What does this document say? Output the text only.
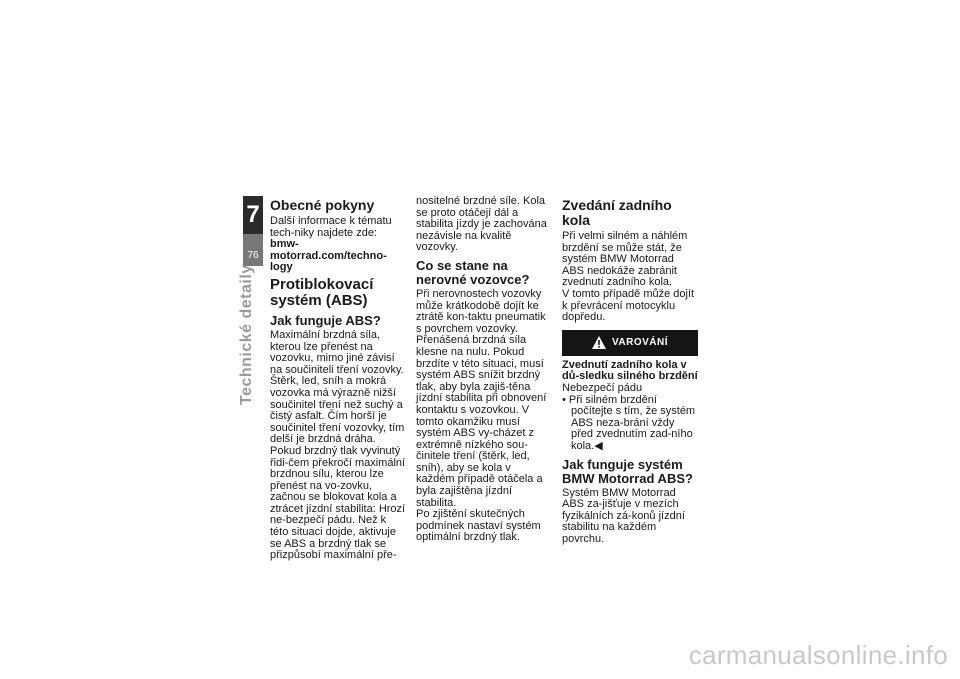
7
76
Technické detaily
Obecné pokyny

Další informace k tématu tech-niky najdete zde:

bmw-motorrad.com/techno-logy

Protiblokovací systém (ABS)
Jak funguje ABS?

Maximální brzdná síla, kterou lze přenést na vozovku, mimo jiné závisí na součiniteli tření vozovky. Štěrk, led, sníh a mokrá vozovka má výrazně nižší součinitel tření než suchý a čistý asfalt. Čím horší je součinitel tření vozovky, tím delší je brzdná dráha.

Pokud brzdný tlak vyvinutý řidi-čem překročí maximální brzdnou sílu, kterou lze přenést na vo-zovku, začnou se blokovat kola a ztrácet jízdní stabilita: Hrozí ne-bezpečí pádu. Než k této situaci dojde, aktivuje se ABS a brzdný tlak se přizpůsobí maximální pře-

nositelné brzdné síle. Kola se proto otáčejí dál a stabilita jízdy je zachována nezávisle na kvalitě vozovky.

Co se stane na nerovné vozovce?

Při nerovnostech vozovky může krátkodobě dojít ke ztrátě kon-taktu pneumatik s povrchem vozovky. Přenášená brzdná síla klesne na nulu. Pokud brzdíte v této situaci, musí systém ABS snížit brzdný tlak, aby byla zajiš-těna jízdní stabilita při obnovení kontaktu s vozovkou. V tomto okamžiku musí systém ABS vy-cházet z extrémně nízkého sou-činitele tření (štěrk, led, sníh), aby se kola v každém případě otáčela a byla zajištěna jízdní stabilita.

Po zjištění skutečných podmínek nastaví systém optimální brzdný tlak.

Zvedání zadního kola

Při velmi silném a náhlém brzdění se může stát, že systém BMW Motorrad ABS nedokáže zabránit zvednutí zadního kola.

V tomto případě může dojít k převrácení motocyklu dopředu.

VAROVÁNÍ

Zvednutí zadního kola v dů-sledku silného brzdění

Nebezpečí pádu

• Při silném brzdění počítejte s tím, že systém ABS neza-brání vždy před zvednutím zad-ního kola.◀

Jak funguje systém BMW Motorrad ABS?

Systém BMW Motorrad ABS za-jišťuje v mezích fyzikálních zá-konů jízdní stabilitu na každém povrchu.

carmanualsonline.info
